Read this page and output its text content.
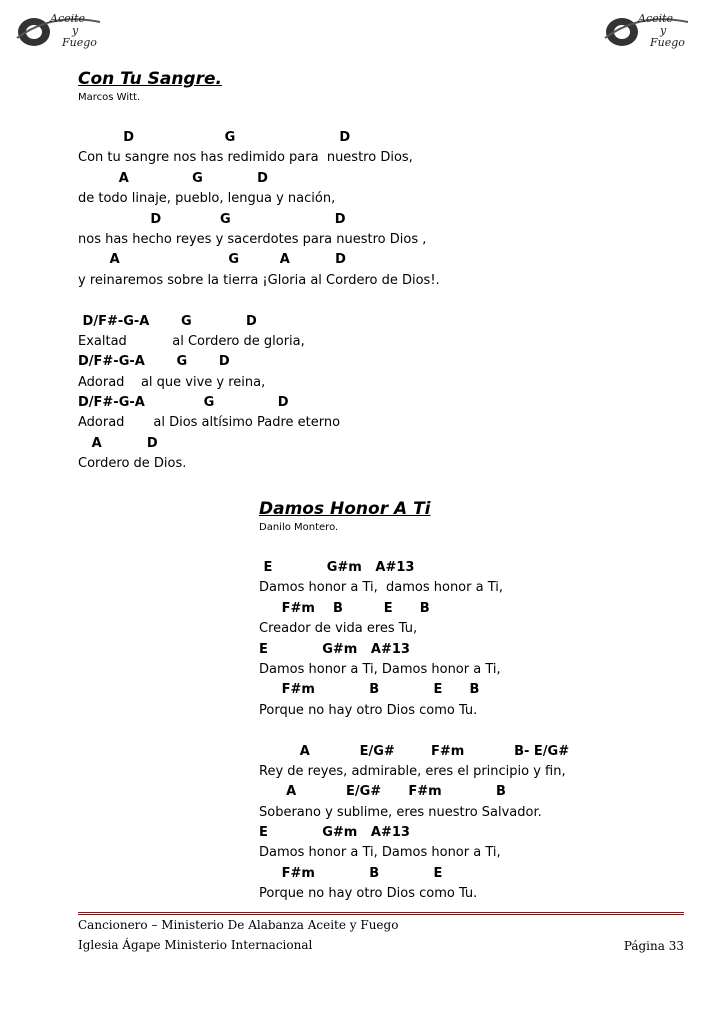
Aceite
y
Fuego
Aceite
y
Fuego
Con Tu Sangre.
Marcos Witt.
D                    G                       D
Con tu sangre nos has redimido para  nuestro Dios,
A              G            D
de todo linaje, pueblo, lengua y nación,
D             G                       D
nos has hecho reyes y sacerdotes para nuestro Dios ,
A                        G         A          D
y reinaremos sobre la tierra ¡Gloria al Cordero de Dios!.
D/F#-G-A       G            D
Exaltad           al Cordero de gloria,
D/F#-G-A       G       D
Adorad    al que vive y reina,
D/F#-G-A             G              D
Adorad       al Dios altísimo Padre eterno
A          D
Cordero de Dios.
Damos Honor A Ti
Danilo Montero.
E            G#m   A#13
Damos honor a Ti,  damos honor a Ti,
F#m    B         E      B
Creador de vida eres Tu,
E            G#m   A#13
Damos honor a Ti, Damos honor a Ti,
F#m            B            E      B
Porque no hay otro Dios como Tu.
A           E/G#        F#m           B- E/G#
Rey de reyes, admirable, eres el principio y fin,
A           E/G#      F#m            B
Soberano y sublime, eres nuestro Salvador.
E            G#m   A#13
Damos honor a Ti, Damos honor a Ti,
F#m            B            E
Porque no hay otro Dios como Tu.
Cancionero – Ministerio De Alabanza Aceite y Fuego
Iglesia Ágape Ministerio Internacional	Página 33
